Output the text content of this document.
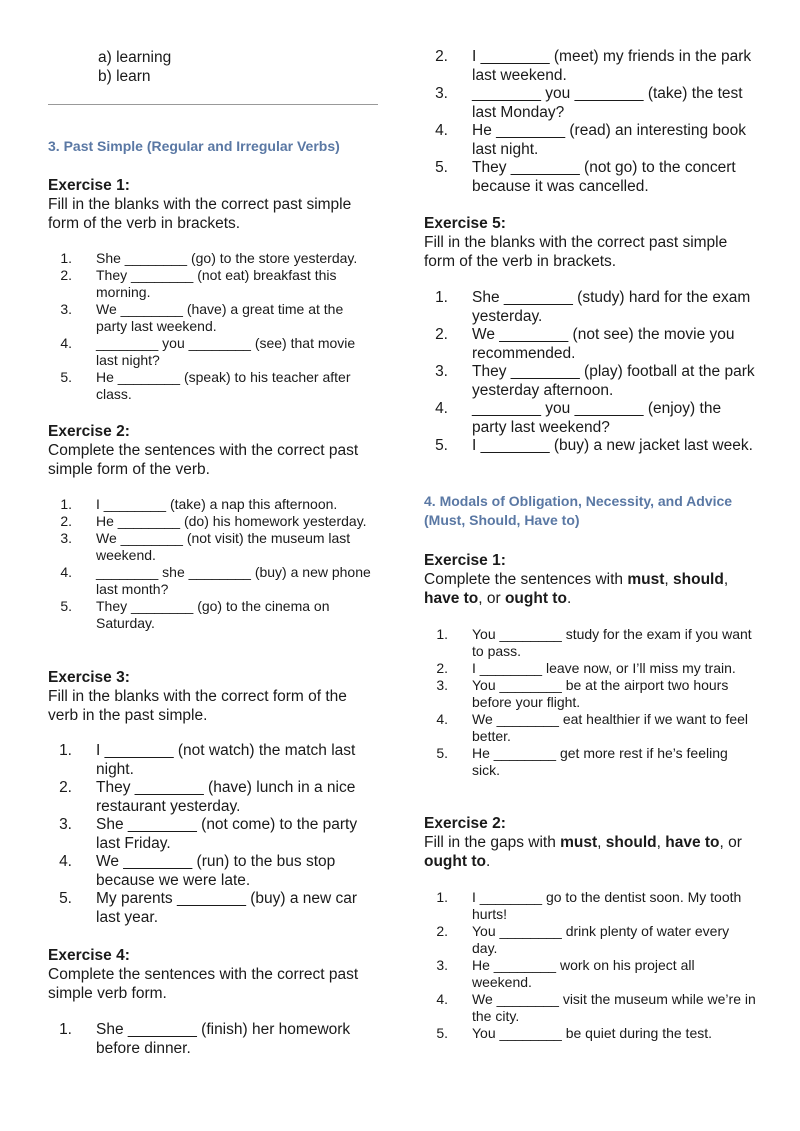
a) learning
b) learn
3. Past Simple (Regular and Irregular Verbs)
Exercise 1:
Fill in the blanks with the correct past simple form of the verb in brackets.
1. She ________ (go) to the store yesterday.
2. They ________ (not eat) breakfast this morning.
3. We ________ (have) a great time at the party last weekend.
4. ________ you ________ (see) that movie last night?
5. He ________ (speak) to his teacher after class.
Exercise 2:
Complete the sentences with the correct past simple form of the verb.
1. I ________ (take) a nap this afternoon.
2. He ________ (do) his homework yesterday.
3. We ________ (not visit) the museum last weekend.
4. ________ she ________ (buy) a new phone last month?
5. They ________ (go) to the cinema on Saturday.
Exercise 3:
Fill in the blanks with the correct form of the verb in the past simple.
1. I ________ (not watch) the match last night.
2. They ________ (have) lunch in a nice restaurant yesterday.
3. She ________ (not come) to the party last Friday.
4. We ________ (run) to the bus stop because we were late.
5. My parents ________ (buy) a new car last year.
Exercise 4:
Complete the sentences with the correct past simple verb form.
1. She ________ (finish) her homework before dinner.
2. I ________ (meet) my friends in the park last weekend.
3. ________ you ________ (take) the test last Monday?
4. He ________ (read) an interesting book last night.
5. They ________ (not go) to the concert because it was cancelled.
Exercise 5:
Fill in the blanks with the correct past simple form of the verb in brackets.
1. She ________ (study) hard for the exam yesterday.
2. We ________ (not see) the movie you recommended.
3. They ________ (play) football at the park yesterday afternoon.
4. ________ you ________ (enjoy) the party last weekend?
5. I ________ (buy) a new jacket last week.
4. Modals of Obligation, Necessity, and Advice (Must, Should, Have to)
Exercise 1:
Complete the sentences with must, should, have to, or ought to.
1. You ________ study for the exam if you want to pass.
2. I ________ leave now, or I’ll miss my train.
3. You ________ be at the airport two hours before your flight.
4. We ________ eat healthier if we want to feel better.
5. He ________ get more rest if he’s feeling sick.
Exercise 2:
Fill in the gaps with must, should, have to, or ought to.
1. I ________ go to the dentist soon. My tooth hurts!
2. You ________ drink plenty of water every day.
3. He ________ work on his project all weekend.
4. We ________ visit the museum while we’re in the city.
5. You ________ be quiet during the test.
